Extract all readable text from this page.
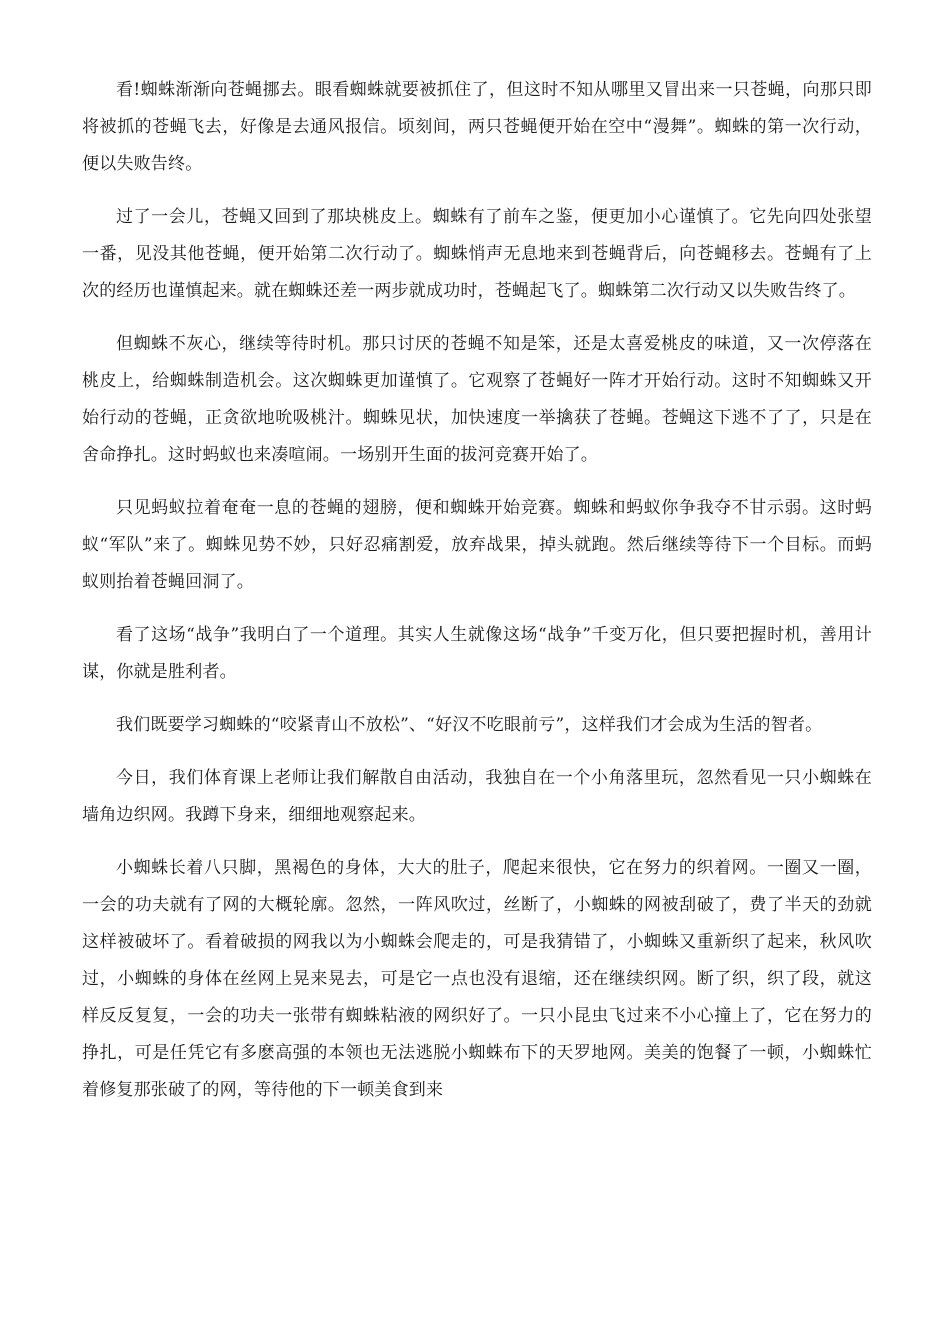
看!蜘蛛渐渐向苍蝇挪去。眼看蜘蛛就要被抓住了，但这时不知从哪里又冒出来一只苍蝇，向那只即将被抓的苍蝇飞去，好像是去通风报信。顷刻间，两只苍蝇便开始在空中“漫舞”。蜘蛛的第一次行动，便以失败告终。

过了一会儿，苍蝇又回到了那块桃皮上。蜘蛛有了前车之鉴，便更加小心谨慎了。它先向四处张望一番，见没其他苍蝇，便开始第二次行动了。蜘蛛悄声无息地来到苍蝇背后，向苍蝇移去。苍蝇有了上次的经历也谨慎起来。就在蜘蛛还差一两步就成功时，苍蝇起飞了。蜘蛛第二次行动又以失败告终了。

但蜘蛛不灰心，继续等待时机。那只讨厌的苍蝇不知是笨，还是太喜爱桃皮的味道，又一次停落在桃皮上，给蜘蛛制造机会。这次蜘蛛更加谨慎了。它观察了苍蝇好一阵才开始行动。这时不知蜘蛛又开始行动的苍蝇，正贪欲地吮吸桃汁。蜘蛛见状，加快速度一举擒获了苍蝇。苍蝇这下逃不了了，只是在舍命挣扎。这时蚂蚁也来凑喧闹。一场别开生面的拔河竞赛开始了。

只见蚂蚁拉着奄奄一息的苍蝇的翅膀，便和蜘蛛开始竞赛。蜘蛛和蚂蚁你争我夺不甘示弱。这时蚂蚁“军队”来了。蜘蛛见势不妙，只好忍痛割爱，放弃战果，掉头就跑。然后继续等待下一个目标。而蚂蚁则抬着苍蝇回洞了。

看了这场“战争”我明白了一个道理。其实人生就像这场“战争”千变万化，但只要把握时机，善用计谋，你就是胜利者。

我们既要学习蜘蛛的“咬紧青山不放松”、“好汉不吃眼前亏”，这样我们才会成为生活的智者。

今日，我们体育课上老师让我们解散自由活动，我独自在一个小角落里玩，忽然看见一只小蜘蛛在墙角边织网。我蹲下身来，细细地观察起来。

小蜘蛛长着八只脚，黑褐色的身体，大大的肚子，爬起来很快，它在努力的织着网。一圈又一圈，一会的功夫就有了网的大概轮廓。忽然，一阵风吹过，丝断了，小蜘蛛的网被刮破了，费了半天的劲就这样被破坏了。看着破损的网我以为小蜘蛛会爬走的，可是我猜错了，小蜘蛛又重新织了起来，秋风吹过，小蜘蛛的身体在丝网上晃来晃去，可是它一点也没有退缩，还在继续织网。断了织，织了段，就这样反反复复，一会的功夫一张带有蜘蛛粘液的网织好了。一只小昆虫飞过来不小心撞上了，它在努力的挣扎，可是任凭它有多麽高强的本领也无法逃脱小蜘蛛布下的天罗地网。美美的饱餐了一顿，小蜘蛛忙着修复那张破了的网，等待他的下一顿美食到来
